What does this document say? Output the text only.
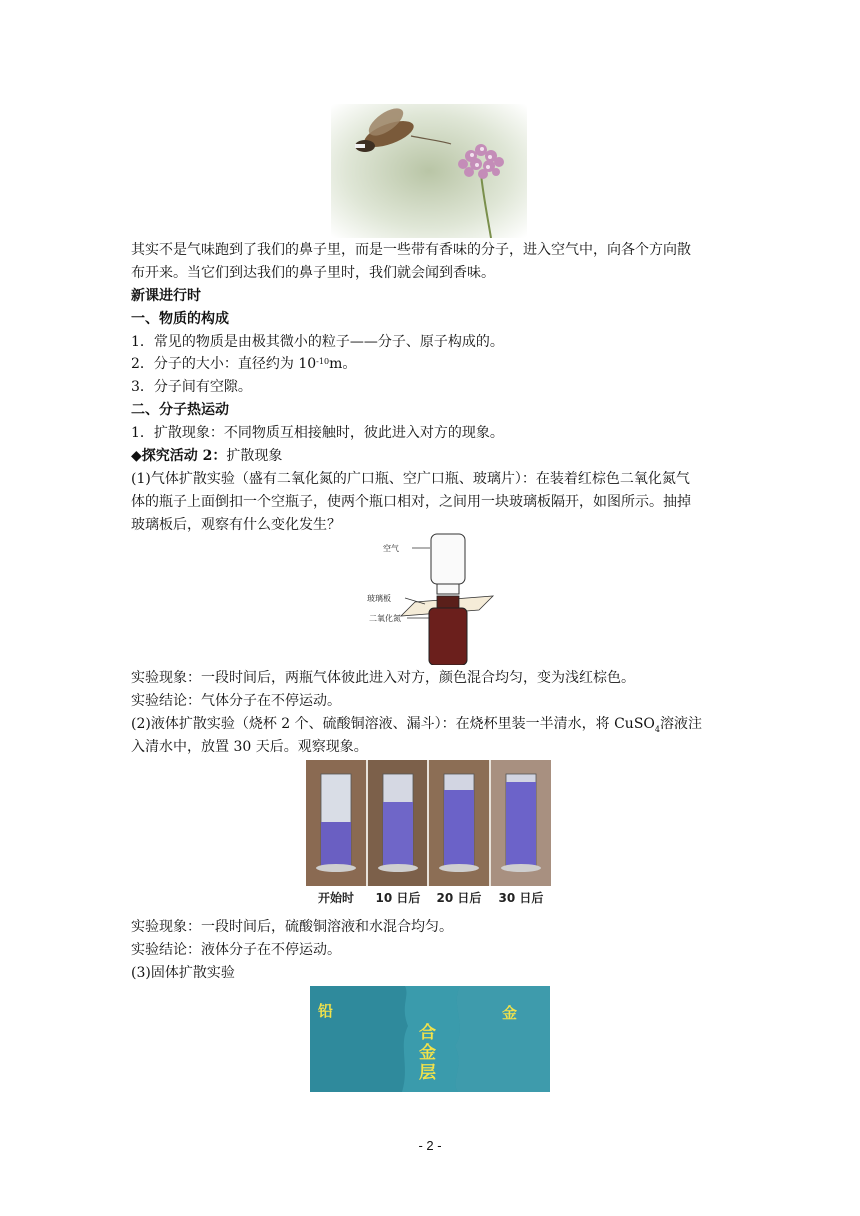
其实不是气味跑到了我们的鼻子里，而是一些带有香味的分子，进入空气中，向各个方向散
布开来。当它们到达我们的鼻子里时，我们就会闻到香味。
新课进行时
一、物质的构成
1．常见的物质是由极其微小的粒子——分子、原子构成的。
2．分子的大小：直径约为 $10^{-10}m$。
3．分子间有空隙。
二、分子热运动
1．扩散现象：不同物质互相接触时，彼此进入对方的现象。
◆探究活动 2：扩散现象
(1)气体扩散实验（盛有二氧化氮的广口瓶、空广口瓶、玻璃片）：在装着红棕色二氧化氮气
体的瓶子上面倒扣一个空瓶子，使两个瓶口相对，之间用一块玻璃板隔开，如图所示。抽掉
玻璃板后，观察有什么变化发生？
空气
玻璃板
二氧化氮
实验现象：一段时间后，两瓶气体彼此进入对方，颜色混合均匀，变为浅红棕色。
实验结论：气体分子在不停运动。
(2)液体扩散实验（烧杯 2 个、硫酸铜溶液、漏斗）：在烧杯里装一半清水，将 CuSO$_4$溶液注
入清水中，放置 30 天后。观察现象。
开始时	10 日后	20 日后	30 日后
实验现象：一段时间后，硫酸铜溶液和水混合均匀。
实验结论：液体分子在不停运动。
(3)固体扩散实验
铅	金
合
金
层
- 2 -
